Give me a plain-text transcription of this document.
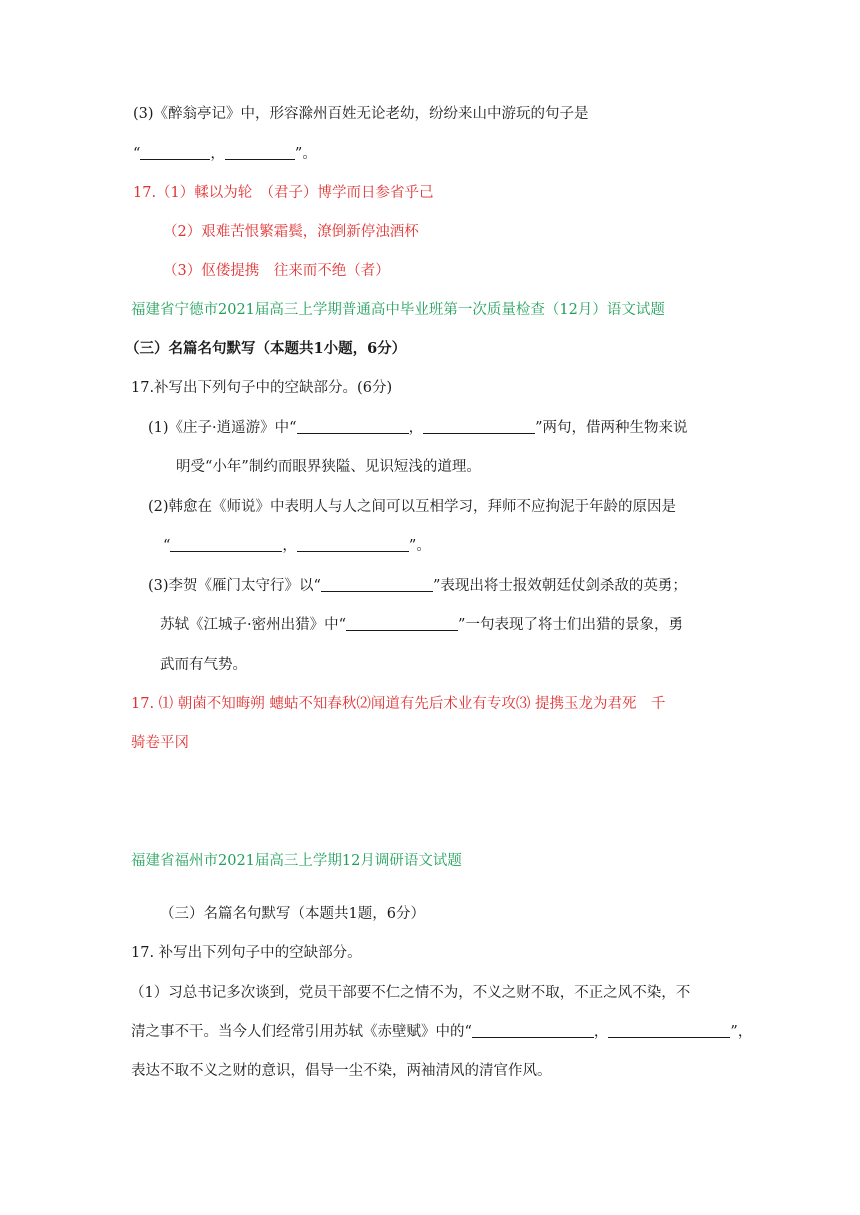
(3)《醉翁亭记》中，形容滁州百姓无论老幼，纷纷来山中游玩的句子是
“	，	”。
17.（1）輮以为轮　（君子）博学而日参省乎己
（2）艰难苦恨繁霜鬓，潦倒新停浊酒杯
（3）伛偻提携　往来而不绝（者）
福建省宁德市2021届高三上学期普通高中毕业班第一次质量检查（12月）语文试题
（三）名篇名句默写（本题共1小题，6分）
17.补写出下列句子中的空缺部分。(6分)
(1)《庄子·逍遥游》中“	，	”两句，借两种生物来说
明受“小年”制约而眼界狭隘、见识短浅的道理。
(2)韩愈在《师说》中表明人与人之间可以互相学习，拜师不应拘泥于年龄的原因是
“	，	”。
(3)李贺《雁门太守行》以“	”表现出将士报效朝廷仗剑杀敌的英勇；
苏轼《江城子·密州出猎》中“	”一句表现了将士们出猎的景象，勇
武而有气势。
17. ⑴ 朝菌不知晦朔 蟪蛄不知春秋⑵闻道有先后术业有专攻⑶ 提携玉龙为君死　千
骑卷平冈
福建省福州市2021届高三上学期12月调研语文试题
（三）名篇名句默写（本题共1题，6分）
17. 补写出下列句子中的空缺部分。
（1）习总书记多次谈到，党员干部要不仁之情不为，不义之财不取，不正之风不染，不
清之事不干。当今人们经常引用苏轼《赤壁赋》中的“	，	”，
表达不取不义之财的意识，倡导一尘不染，两袖清风的清官作风。
